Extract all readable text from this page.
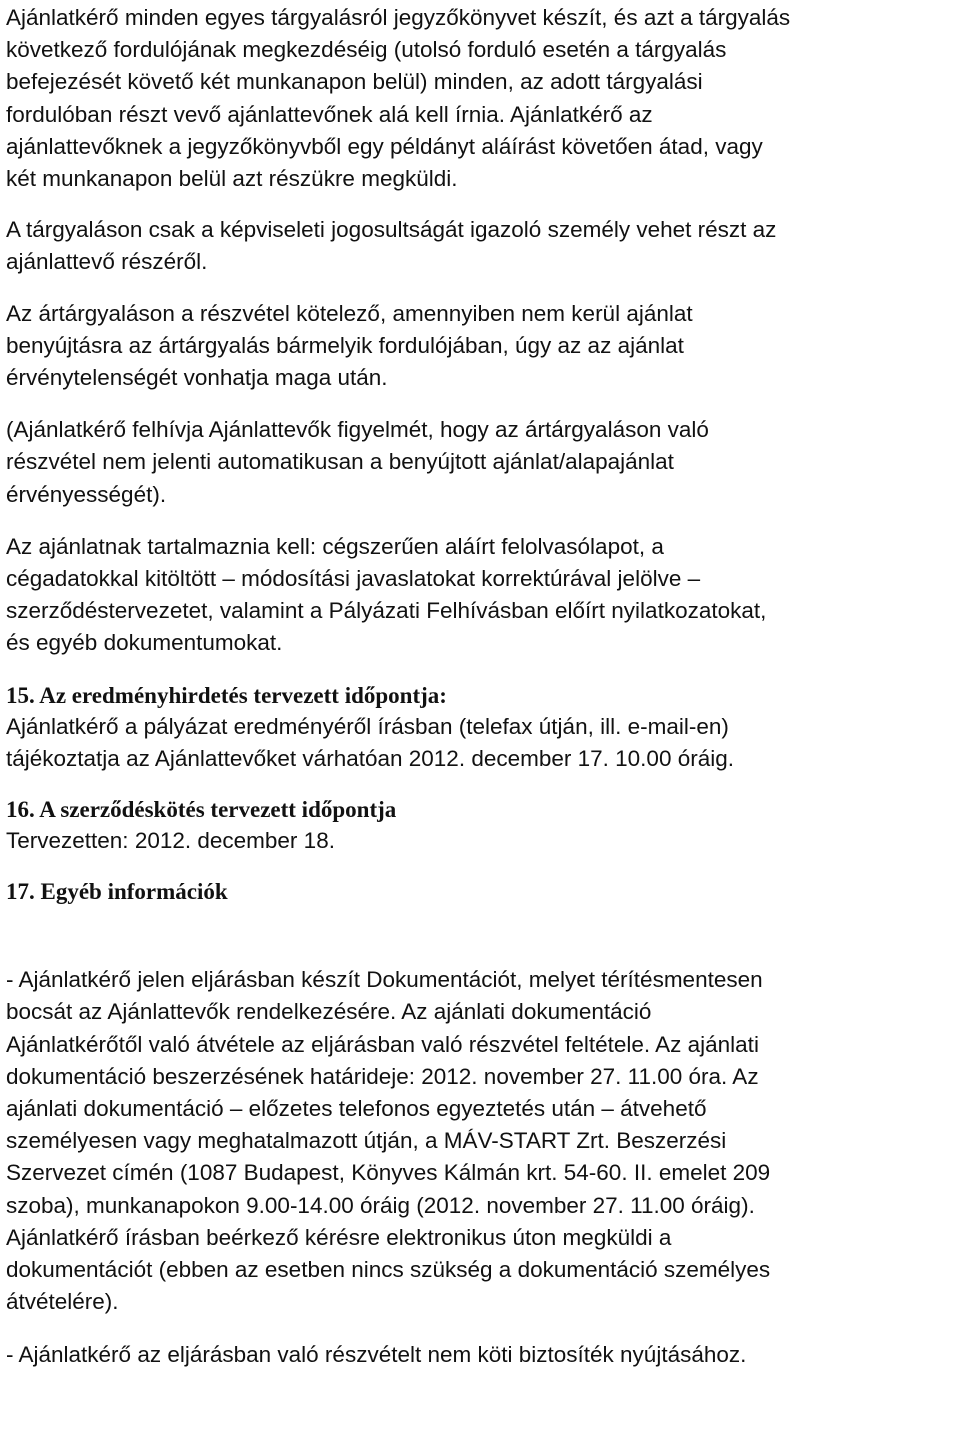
Ajánlatkérő minden egyes tárgyalásról jegyzőkönyvet készít, és azt a tárgyalás
következő fordulójának megkezdéséig (utolsó forduló esetén a tárgyalás
befejezését követő két munkanapon belül) minden, az adott tárgyalási
fordulóban részt vevő ajánlattevőnek alá kell írnia. Ajánlatkérő az
ajánlattevőknek a jegyzőkönyvből egy példányt aláírást követően átad, vagy
két munkanapon belül azt részükre megküldi.

A tárgyaláson csak a képviseleti jogosultságát igazoló személy vehet részt az
ajánlattevő részéről.

Az ártárgyaláson a részvétel kötelező, amennyiben nem kerül ajánlat
benyújtásra az ártárgyalás bármelyik fordulójában, úgy az az ajánlat
érvénytelenségét vonhatja maga után.

(Ajánlatkérő felhívja Ajánlattevők figyelmét, hogy az ártárgyaláson való
részvétel nem jelenti automatikusan a benyújtott ajánlat/alapajánlat
érvényességét).

Az ajánlatnak tartalmaznia kell: cégszerűen aláírt felolvasólapot, a
cégadatokkal kitöltött – módosítási javaslatokat korrektúrával jelölve –
szerződéstervezetet, valamint a Pályázati Felhívásban előírt nyilatkozatokat,
és egyéb dokumentumokat.

15. Az eredményhirdetés tervezett időpontja:

Ajánlatkérő a pályázat eredményéről írásban (telefax útján, ill. e-mail-en)
tájékoztatja az Ajánlattevőket várhatóan 2012. december 17. 10.00 óráig.

16. A szerződéskötés tervezett időpontja

Tervezetten: 2012. december 18.

17. Egyéb információk

- Ajánlatkérő jelen eljárásban készít Dokumentációt, melyet térítésmentesen
bocsát az Ajánlattevők rendelkezésére. Az ajánlati dokumentáció
Ajánlatkérőtől való átvétele az eljárásban való részvétel feltétele. Az ajánlati
dokumentáció beszerzésének határideje: 2012. november 27. 11.00 óra. Az
ajánlati dokumentáció – előzetes telefonos egyeztetés után – átvehető
személyesen vagy meghatalmazott útján, a MÁV-START Zrt. Beszerzési
Szervezet címén (1087 Budapest, Könyves Kálmán krt. 54-60. II. emelet 209
szoba), munkanapokon 9.00-14.00 óráig (2012. november 27. 11.00 óráig).
Ajánlatkérő írásban beérkező kérésre elektronikus úton megküldi a
dokumentációt (ebben az esetben nincs szükség a dokumentáció személyes
átvételére).

- Ajánlatkérő az eljárásban való részvételt nem köti biztosíték nyújtásához.
